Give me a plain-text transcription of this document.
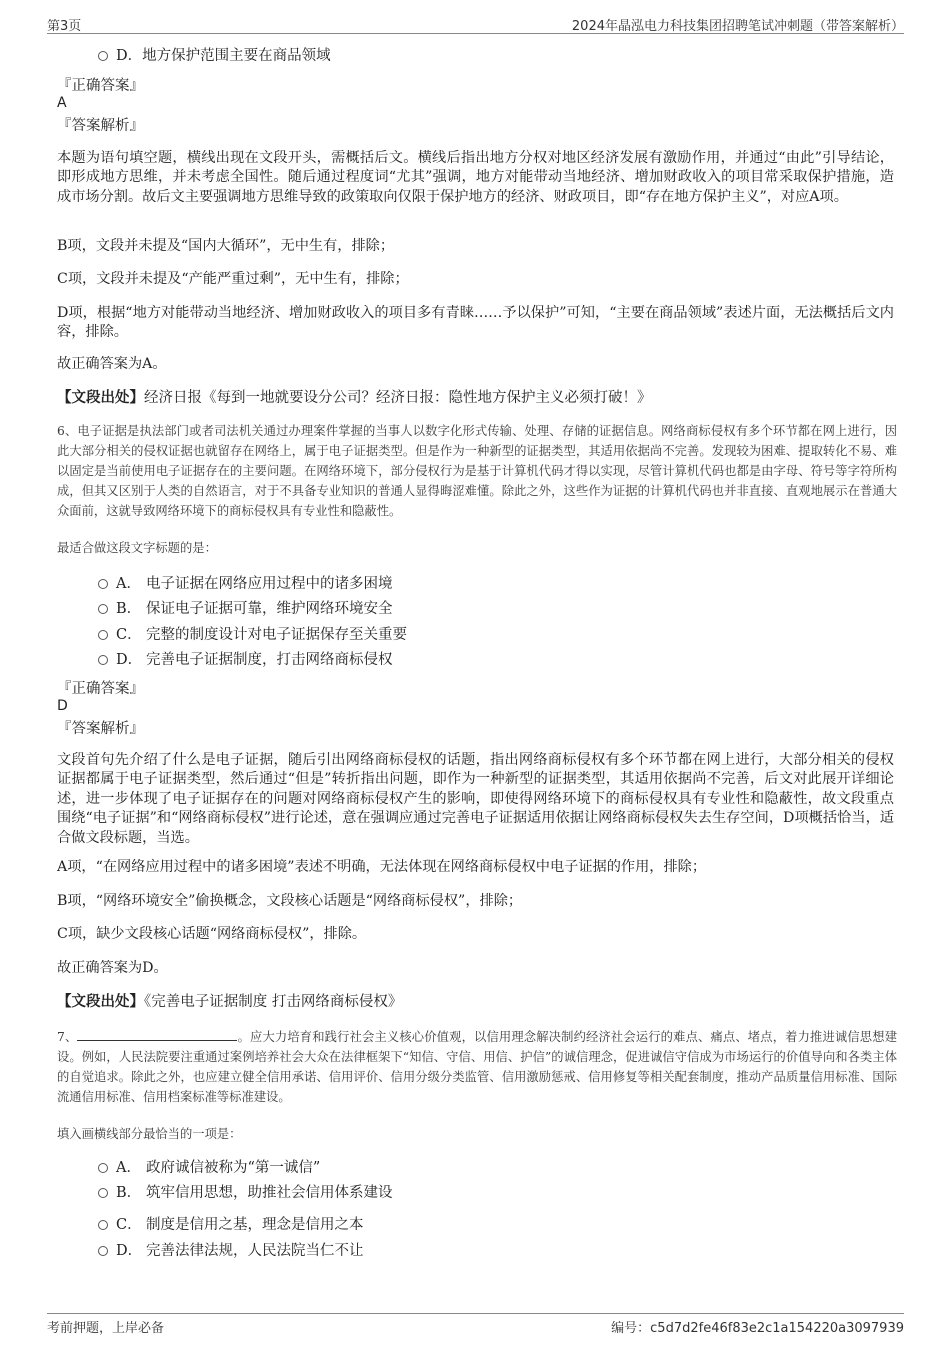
第3页	2024年晶泓电力科技集团招聘笔试冲刺题（带答案解析）
D．地方保护范围主要在商品领域
『正确答案』
A
『答案解析』
本题为语句填空题，横线出现在文段开头，需概括后文。横线后指出地方分权对地区经济发展有激励作用，并通过“由此”引导结论，即形成地方思维，并未考虑全国性。随后通过程度词“尤其”强调，地方对能带动当地经济、增加财政收入的项目常采取保护措施，造成市场分割。故后文主要强调地方思维导致的政策取向仅限于保护地方的经济、财政项目，即“存在地方保护主义”，对应A项。
B项，文段并未提及“国内大循环”，无中生有，排除；
C项，文段并未提及“产能严重过剩”，无中生有，排除；
D项，根据“地方对能带动当地经济、增加财政收入的项目多有青睐……予以保护”可知，“主要在商品领域”表述片面，无法概括后文内容，排除。
故正确答案为A。
【文段出处】经济日报《每到一地就要设分公司？经济日报：隐性地方保护主义必须打破！》
6、电子证据是执法部门或者司法机关通过办理案件掌握的当事人以数字化形式传输、处理、存储的证据信息。网络商标侵权有多个环节都在网上进行，因此大部分相关的侵权证据也就留存在网络上，属于电子证据类型。但是作为一种新型的证据类型，其适用依据尚不完善。发现较为困难、提取转化不易、难以固定是当前使用电子证据存在的主要问题。在网络环境下，部分侵权行为是基于计算机代码才得以实现，尽管计算机代码也都是由字母、符号等字符所构成，但其又区别于人类的自然语言，对于不具备专业知识的普通人显得晦涩难懂。除此之外，这些作为证据的计算机代码也并非直接、直观地展示在普通大众面前，这就导致网络环境下的商标侵权具有专业性和隐蔽性。
最适合做这段文字标题的是：
A． 电子证据在网络应用过程中的诸多困境
B． 保证电子证据可靠，维护网络环境安全
C． 完整的制度设计对电子证据保存至关重要
D． 完善电子证据制度，打击网络商标侵权
『正确答案』
D
『答案解析』
文段首句先介绍了什么是电子证据，随后引出网络商标侵权的话题，指出网络商标侵权有多个环节都在网上进行，大部分相关的侵权证据都属于电子证据类型，然后通过“但是”转折指出问题，即作为一种新型的证据类型，其适用依据尚不完善，后文对此展开详细论述，进一步体现了电子证据存在的问题对网络商标侵权产生的影响，即使得网络环境下的商标侵权具有专业性和隐蔽性，故文段重点围绕“电子证据”和“网络商标侵权”进行论述，意在强调应通过完善电子证据适用依据让网络商标侵权失去生存空间，D项概括恰当，适合做文段标题，当选。
A项，“在网络应用过程中的诸多困境”表述不明确，无法体现在网络商标侵权中电子证据的作用，排除；
B项，“网络环境安全”偷换概念，文段核心话题是“网络商标侵权”，排除；
C项，缺少文段核心话题“网络商标侵权”，排除。
故正确答案为D。
【文段出处】《完善电子证据制度 打击网络商标侵权》
7、	。应大力培育和践行社会主义核心价值观，以信用理念解决制约经济社会运行的难点、痛点、堵点，着力推进诚信思想建设。例如，人民法院要注重通过案例培养社会大众在法律框架下“知信、守信、用信、护信”的诚信理念，促进诚信守信成为市场运行的价值导向和各类主体的自觉追求。除此之外，也应建立健全信用承诺、信用评价、信用分级分类监管、信用激励惩戒、信用修复等相关配套制度，推动产品质量信用标准、国际流通信用标准、信用档案标准等标准建设。
填入画横线部分最恰当的一项是：
A． 政府诚信被称为“第一诚信”
B． 筑牢信用思想，助推社会信用体系建设
C． 制度是信用之基，理念是信用之本
D． 完善法律法规，人民法院当仁不让
考前押题，上岸必备	编号：c5d7d2fe46f83e2c1a154220a3097939
